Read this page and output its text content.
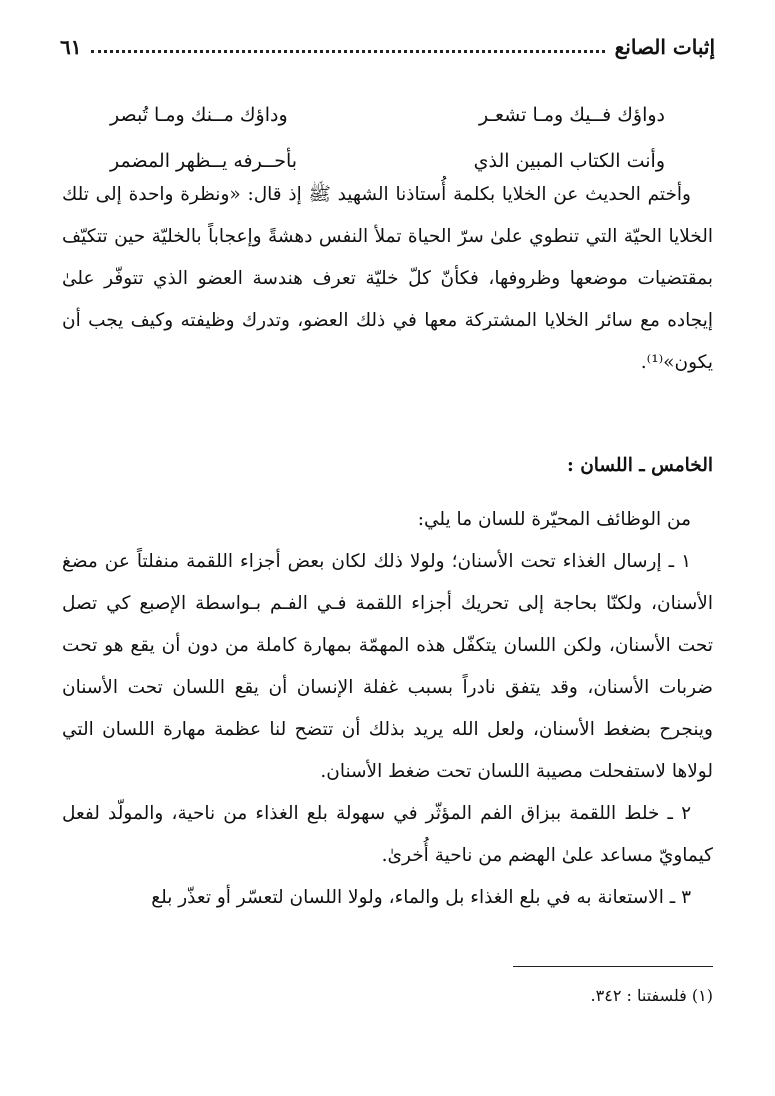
إثبات الصانع
٦١
دواؤك فــيك ومـا تشعـر
وداؤك مــنك ومـا تُبصر
وأنت الكتاب المبين الذي
بأحــرفه يــظهر المضمر

وأختم الحديث عن الخلايا بكلمة أُستاذنا الشهيد ﷺ إذ قال: «ونظرة واحدة إلى تلك الخلايا الحيّة التي تنطوي علىٰ سرّ الحياة تملأ النفس دهشةً وإعجاباً بالخليّة حين تتكيّف بمقتضيات موضعها وظروفها، فكأنّ كلّ خليّة تعرف هندسة العضو الذي تتوفّر علىٰ إيجاده مع سائر الخلايا المشتركة معها في ذلك العضو، وتدرك وظيفته وكيف يجب أن يكون»⁽¹⁾.

الخامس ـ اللسان :

من الوظائف المحيّرة للسان ما يلي:

١ ـ إرسال الغذاء تحت الأسنان؛ ولولا ذلك لكان بعض أجزاء اللقمة منفلتاً عن مضغ الأسنان، ولكنّا بحاجة إلى تحريك أجزاء اللقمة فـي الفـم بـواسطة الإصبع كي تصل تحت الأسنان، ولكن اللسان يتكفّل هذه المهمّة بمهارة كاملة من دون أن يقع هو تحت ضربات الأسنان، وقد يتفق نادراً بسبب غفلة الإنسان أن يقع اللسان تحت الأسنان وينجرح بضغط الأسنان، ولعل الله يريد بذلك أن تتضح لنا عظمة مهارة اللسان التي لولاها لاستفحلت مصيبة اللسان تحت ضغط الأسنان.

٢ ـ خلط اللقمة ببزاق الفم المؤثّر في سهولة بلع الغذاء من ناحية، والمولّد لفعل كيماويّ مساعد علىٰ الهضم من ناحية أُخرىٰ.

٣ ـ الاستعانة به في بلع الغذاء بل والماء، ولولا اللسان لتعسّر أو تعذّر بلع

(١) فلسفتنا : ٣٤٢.
